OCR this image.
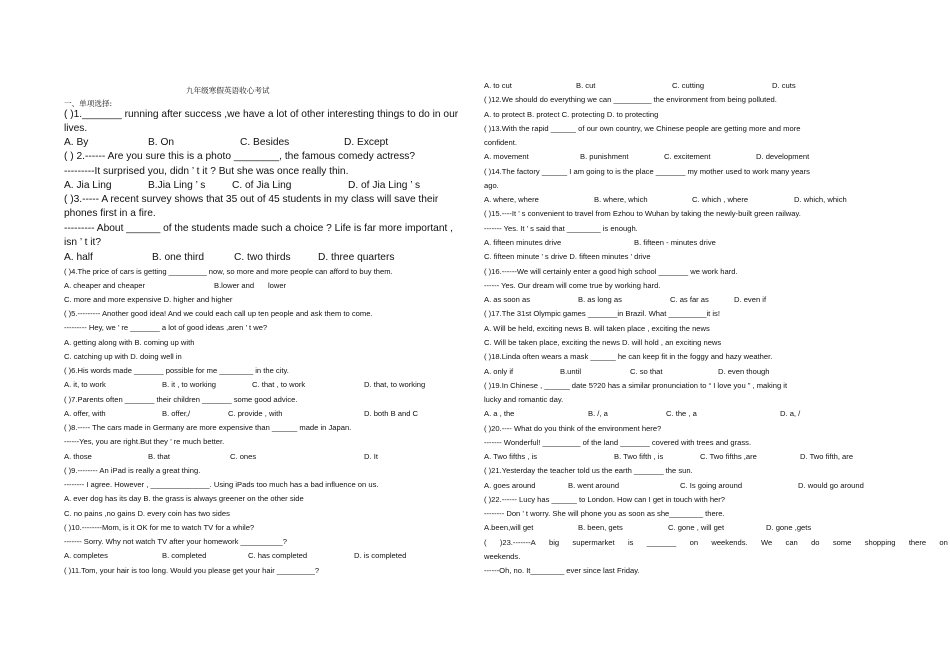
九年级寒假英语收心考试
一、单项选择:
( )1._______ running after success ,we have a lot of other interesting things to do in our
lives.
A. By	B. On	C. Besides	D. Except
( ) 2.------ Are you sure this is a photo ________, the famous comedy actress?
---------It surprised you, didn ’ t it ? But she was once really thin.
A. Jia Ling	B.Jia Ling ’ s	C. of Jia Ling	D. of Jia Ling ’ s
( )3.----- A recent survey shows that 35 out of 45 students in my class will save their
phones first in a fire.
--------- About ______ of the students made such a choice ? Life is far more important ,
isn ’ t it?
A. half	B. one third	C. two thirds	D. three quarters
( )4.The price of cars is getting _________ now, so more and more people can afford to buy them.
A. cheaper and cheaper	B.lower and lower
C. more and more expensive D. higher and higher
( )5.--------- Another good idea! And we could each call up ten people and ask them to come.
--------- Hey, we ’ re _______ a lot of good ideas ,aren ’ t we?
A. getting along with B. coming up with
C. catching up with D. doing well in
( )6.His words made _______ possible for me ________ in the city.
A. it, to work	B. it , to working	C. that , to work	D. that, to working
( )7.Parents often _______ their children _______ some good advice.
A. offer, with	B. offer,/	C. provide , with	D. both B and C
( )8.----- The cars made in Germany are more expensive than ______ made in Japan.
------Yes, you are right.But they ’ re much better.
A. those	B. that	C. ones	D. It
( )9.-------- An iPad is really a great thing.
-------- I agree. However , ______________. Using iPads too much has a bad influence on us.
A. ever dog has its day B. the grass is always greener on the other side
C. no pains ,no gains D. every coin has two sides
( )10.--------Mom, is it OK for me to watch TV for a while?
------- Sorry. Why not watch TV after your homework __________?
A. completes	B. completed	C. has completed	D. is completed
( )11.Tom, your hair is too long. Would you please get your hair _________?
A. to cut	B. cut	C. cutting	D. cuts
( )12.We should do everything we can _________ the environment from being polluted.
A. to protect B. protect C. protecting D. to protecting
( )13.With the rapid ______ of our own country, we Chinese people are getting more and more
confident.
A. movement	B. punishment	C. excitement	D. development
( )14.The factory ______ I am going to is the place _______ my mother used to work many years
ago.
A. where, where	B. where, which	C. which , where	D. which, which
( )15.----It ’ s convenient to travel from Ezhou to Wuhan by taking the newly-built green railway.
------- Yes. It ’ s said that ________ is enough.
A. fifteen minutes drive	B. fifteen - minutes drive
C. fifteen minute ’ s drive D. fifteen minutes ’ drive
( )16.------We will certainly enter a good high school _______ we work hard.
------ Yes. Our dream will come true by working hard.
A. as soon as	B. as long as	C. as far as	D. even if
( )17.The 31st Olympic games _______in Brazil. What _________it is!
A. Will be held, exciting news B. will taken place , exciting the news
C. Will be taken place, exciting the news D. will hold , an exciting news
( )18.Linda often wears a mask ______ he can keep fit in the foggy and hazy weather.
A. only if	B.until	C. so that	D. even though
( )19.In Chinese , ______ date 5?20 has a similar pronunciation to “ I love you ” , making it
lucky and romantic day.
A. a , the	B. /, a	C. the , a	D. a, /
( )20.---- What do you think of the environment here?
------- Wonderful! _________ of the land _______ covered with trees and grass.
A. Two fifths , is	B. Two fifth , is	C. Two fifths ,are	D. Two fifth, are
( )21.Yesterday the teacher told us the earth _______ the sun.
A. goes around	B. went around	C. Is going around	D. would go around
( )22.------ Lucy has ______ to London. How can I get in touch with her?
-------- Don ’ t worry. She will phone you as soon as she________ there.
A.been,will get	B. been, gets	C. gone , will get	D. gone ,gets
( )23.-------A big supermarket is _______ on weekends. We can do some shopping there on
weekends.
------Oh, no. It________ ever since last Friday.
